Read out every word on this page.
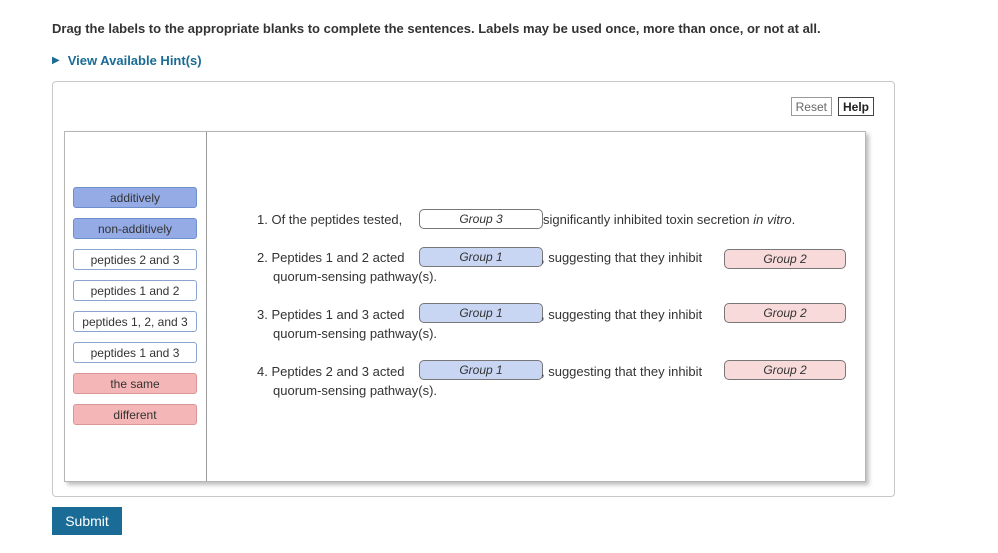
Drag the labels to the appropriate blanks to complete the sentences. Labels may be used once, more than once, or not at all.
▶ View Available Hint(s)
Reset	Help
additively
non-additively
peptides 2 and 3
peptides 1 and 2
peptides 1, 2, and 3
peptides 1 and 3
the same
different
1. Of the peptides tested,	Group 3	significantly inhibited toxin secretion in vitro.
2. Peptides 1 and 2 acted	Group 1	, suggesting that they inhibit	Group 2
quorum-sensing pathway(s).
3. Peptides 1 and 3 acted	Group 1	, suggesting that they inhibit	Group 2
quorum-sensing pathway(s).
4. Peptides 2 and 3 acted	Group 1	, suggesting that they inhibit	Group 2
quorum-sensing pathway(s).
Submit
